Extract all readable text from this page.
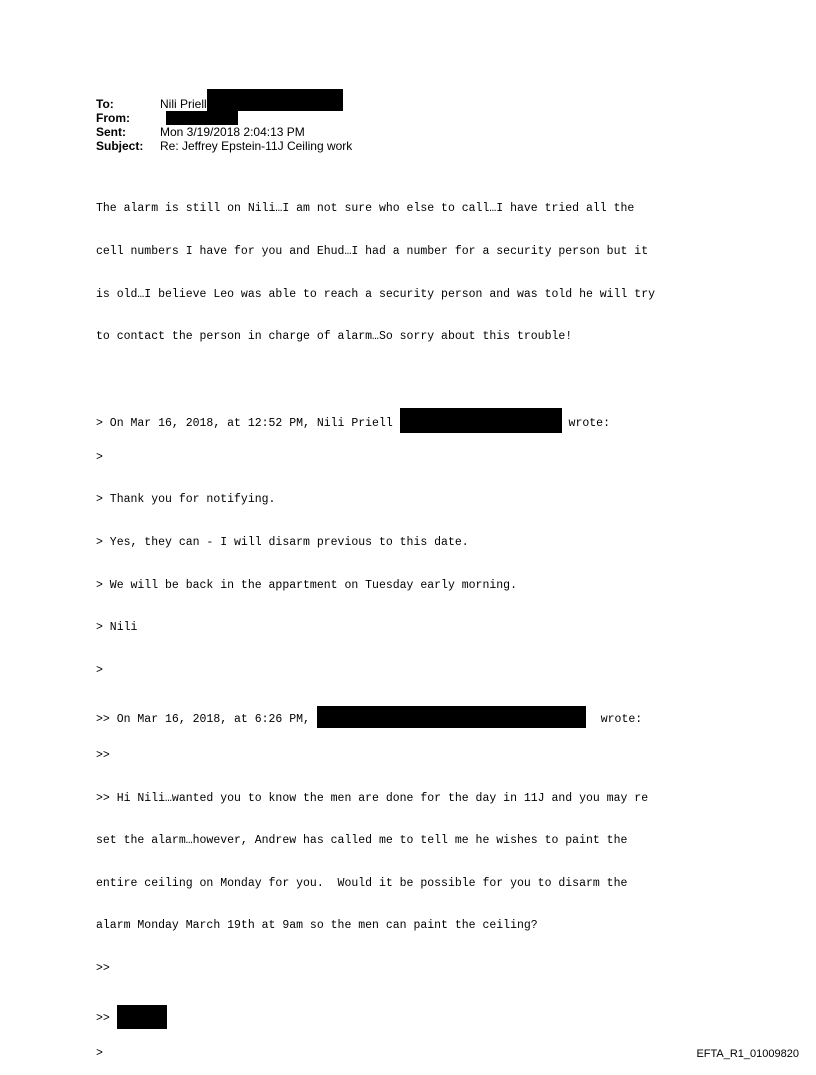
To:	Nili Priell
From:
Sent:	Mon 3/19/2018 2:04:13 PM
Subject:	Re: Jeffrey Epstein-11J Ceiling work

The alarm is still on Nili…I am not sure who else to call…I have tried all the

cell numbers I have for you and Ehud…I had a number for a security person but it

is old…I believe Leo was able to reach a security person and was told he will try

to contact the person in charge of alarm…So sorry about this trouble!

> On Mar 16, 2018, at 12:52 PM, Nili Priell	wrote:

>

> Thank you for notifying.

> Yes, they can - I will disarm previous to this date.

> We will be back in the appartment on Tuesday early morning.

> Nili

>

>> On Mar 16, 2018, at 6:26 PM,	wrote:

>>

>> Hi Nili…wanted you to know the men are done for the day in 11J and you may re

set the alarm…however, Andrew has called me to tell me he wishes to paint the

entire ceiling on Monday for you.  Would it be possible for you to disarm the

alarm Monday March 19th at 9am so the men can paint the ceiling?

>>

>>

>	EFTA_R1_01009820
